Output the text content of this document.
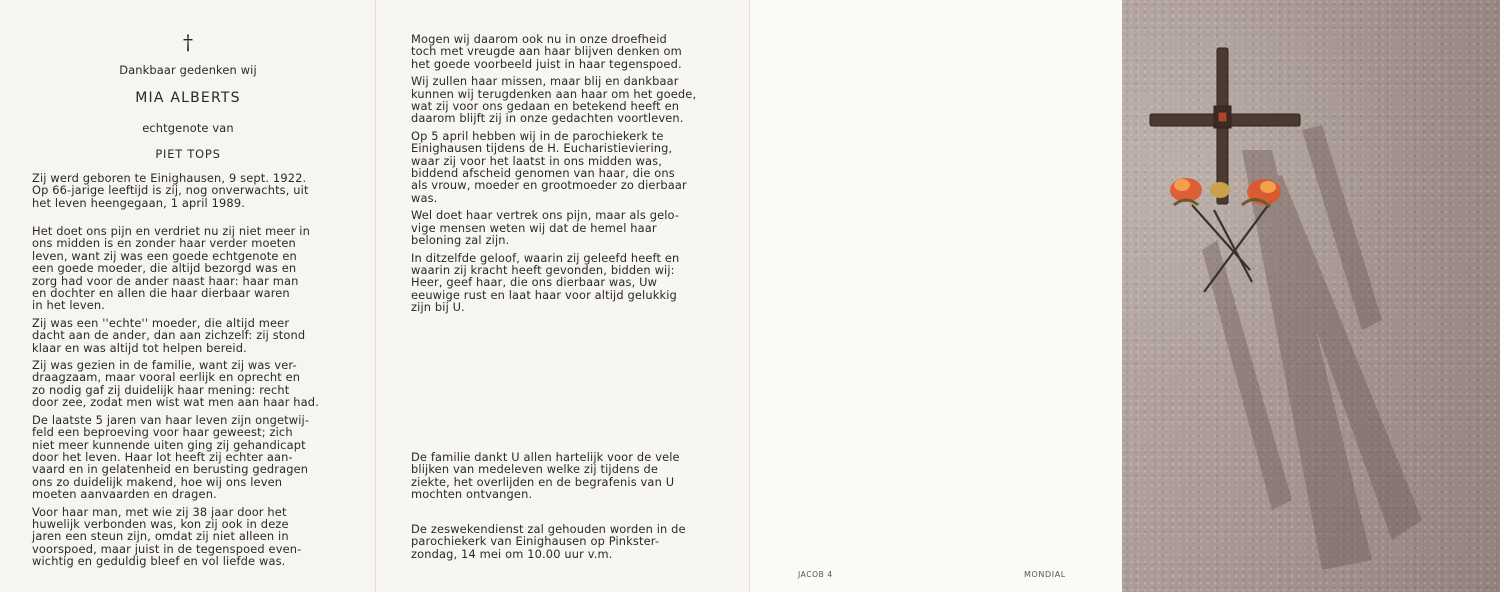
†
Dankbaar gedenken wij
MIA ALBERTS
echtgenote van
PIET TOPS
Zij werd geboren te Einighausen, 9 sept. 1922.
Op 66-jarige leeftijd is zij, nog onverwachts, uit
het leven heengegaan, 1 april 1989.

Het doet ons pijn en verdriet nu zij niet meer in
ons midden is en zonder haar verder moeten
leven, want zij was een goede echtgenote en
een goede moeder, die altijd bezorgd was en
zorg had voor de ander naast haar: haar man
en dochter en allen die haar dierbaar waren
in het leven.

Zij was een ''echte'' moeder, die altijd meer
dacht aan de ander, dan aan zichzelf: zij stond
klaar en was altijd tot helpen bereid.

Zij was gezien in de familie, want zij was ver-
draagzaam, maar vooral eerlijk en oprecht en
zo nodig gaf zij duidelijk haar mening: recht
door zee, zodat men wist wat men aan haar had.

De laatste 5 jaren van haar leven zijn ongetwij-
feld een beproeving voor haar geweest; zich
niet meer kunnende uiten ging zij gehandicapt
door het leven. Haar lot heeft zij echter aan-
vaard en in gelatenheid en berusting gedragen
ons zo duidelijk makend, hoe wij ons leven
moeten aanvaarden en dragen.

Voor haar man, met wie zij 38 jaar door het
huwelijk verbonden was, kon zij ook in deze
jaren een steun zijn, omdat zij niet alleen in
voorspoed, maar juist in de tegenspoed even-
wichtig en geduldig bleef en vol liefde was.

Mogen wij daarom ook nu in onze droefheid
toch met vreugde aan haar blijven denken om
het goede voorbeeld juist in haar tegenspoed.

Wij zullen haar missen, maar blij en dankbaar
kunnen wij terugdenken aan haar om het goede,
wat zij voor ons gedaan en betekend heeft en
daarom blijft zij in onze gedachten voortleven.

Op 5 april hebben wij in de parochiekerk te
Einighausen tijdens de H. Eucharistieviering,
waar zij voor het laatst in ons midden was,
biddend afscheid genomen van haar, die ons
als vrouw, moeder en grootmoeder zo dierbaar
was.

Wel doet haar vertrek ons pijn, maar als gelo-
vige mensen weten wij dat de hemel haar
beloning zal zijn.

In ditzelfde geloof, waarin zij geleefd heeft en
waarin zij kracht heeft gevonden, bidden wij:
Heer, geef haar, die ons dierbaar was, Uw
eeuwige rust en laat haar voor altijd gelukkig
zijn bij U.

De familie dankt U allen hartelijk voor de vele
blijken van medeleven welke zij tijdens de
ziekte, het overlijden en de begrafenis van U
mochten ontvangen.
De zeswekendienst zal gehouden worden in de
parochiekerk van Einighausen op Pinkster-
zondag, 14 mei om 10.00 uur v.m.
JACOB 4	MONDIAL
